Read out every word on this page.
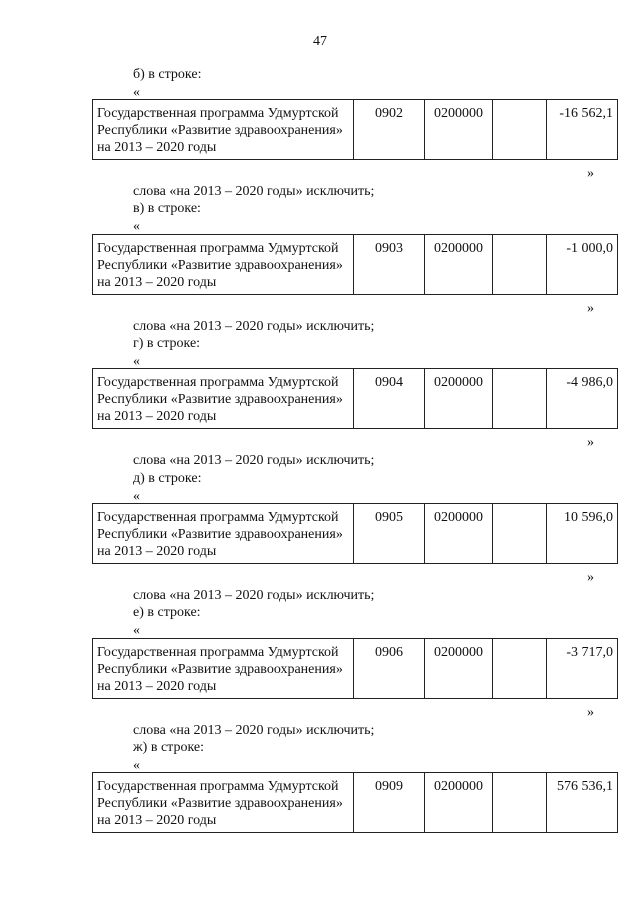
47
б) в строке:
«
Государственная программа Удмуртской Республики «Развитие здравоохранения» на 2013 – 2020 годы	0902	0200000		-16 562,1
»
слова «на 2013 – 2020 годы» исключить;
в) в строке:
«
Государственная программа Удмуртской Республики «Развитие здравоохранения» на 2013 – 2020 годы	0903	0200000		-1 000,0
»
слова «на 2013 – 2020 годы» исключить;
г) в строке:
«
Государственная программа Удмуртской Республики «Развитие здравоохранения» на 2013 – 2020 годы	0904	0200000		-4 986,0
»
слова «на 2013 – 2020 годы» исключить;
д) в строке:
«
Государственная программа Удмуртской Республики «Развитие здравоохранения» на 2013 – 2020 годы	0905	0200000		10 596,0
»
слова «на 2013 – 2020 годы» исключить;
е) в строке:
«
Государственная программа Удмуртской Республики «Развитие здравоохранения» на 2013 – 2020 годы	0906	0200000		-3 717,0
»
слова «на 2013 – 2020 годы» исключить;
ж) в строке:
«
Государственная программа Удмуртской Республики «Развитие здравоохранения» на 2013 – 2020 годы	0909	0200000		576 536,1
